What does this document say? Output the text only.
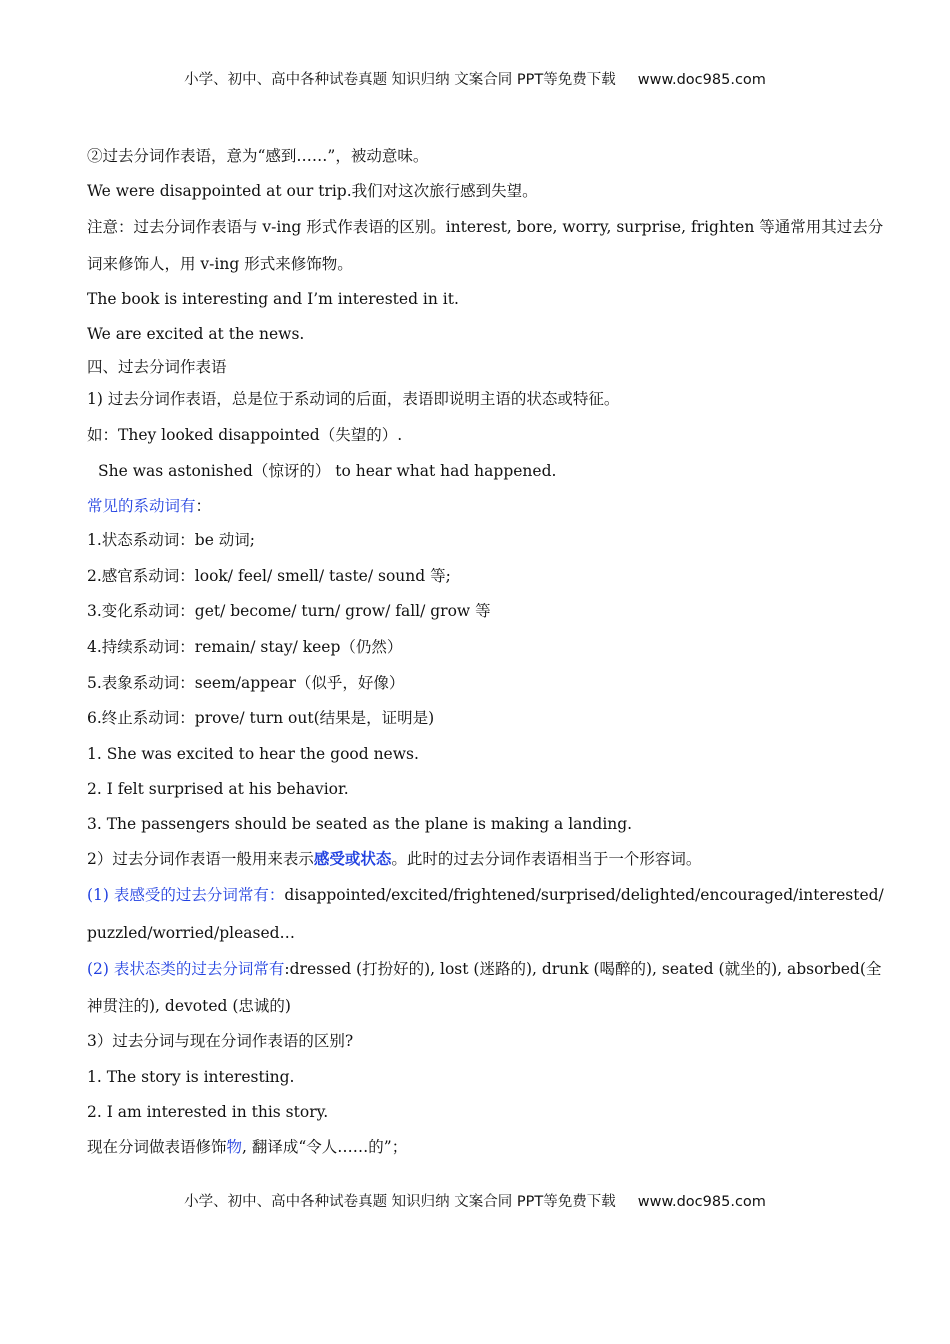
小学、初中、高中各种试卷真题 知识归纳 文案合同 PPT等免费下载 www.doc985.com
②过去分词作表语，意为“感到……”，被动意味。
We were disappointed at our trip.我们对这次旅行感到失望。
注意：过去分词作表语与 v-ing 形式作表语的区别。interest, bore, worry, surprise, frighten 等通常用其过去分
词来修饰人，用 v-ing 形式来修饰物。
The book is interesting and I’m interested in it.
We are excited at the news.
四、过去分词作表语
1) 过去分词作表语，总是位于系动词的后面，表语即说明主语的状态或特征。
如：They looked disappointed（失望的）.
She was astonished（惊讶的） to hear what had happened.
常见的系动词有：
1.状态系动词：be 动词;
2.感官系动词：look/ feel/ smell/ taste/ sound 等;
3.变化系动词：get/ become/ turn/ grow/ fall/ grow 等
4.持续系动词：remain/ stay/ keep（仍然）
5.表象系动词：seem/appear（似乎，好像）
6.终止系动词：prove/ turn out(结果是，证明是)
1. She was excited to hear the good news.
2. I felt surprised at his behavior.
3. The passengers should be seated as the plane is making a landing.
2）过去分词作表语一般用来表示感受或状态。此时的过去分词作表语相当于一个形容词。
(1) 表感受的过去分词常有：disappointed/excited/frightened/surprised/delighted/encouraged/interested/
puzzled/worried/pleased…
(2) 表状态类的过去分词常有:dressed (打扮好的), lost (迷路的), drunk (喝醉的), seated (就坐的), absorbed(全
神贯注的), devoted (忠诚的)
3）过去分词与现在分词作表语的区别?
1. The story is interesting.
2. I am interested in this story.
现在分词做表语修饰物, 翻译成“令人……的”；
小学、初中、高中各种试卷真题 知识归纳 文案合同 PPT等免费下载 www.doc985.com
